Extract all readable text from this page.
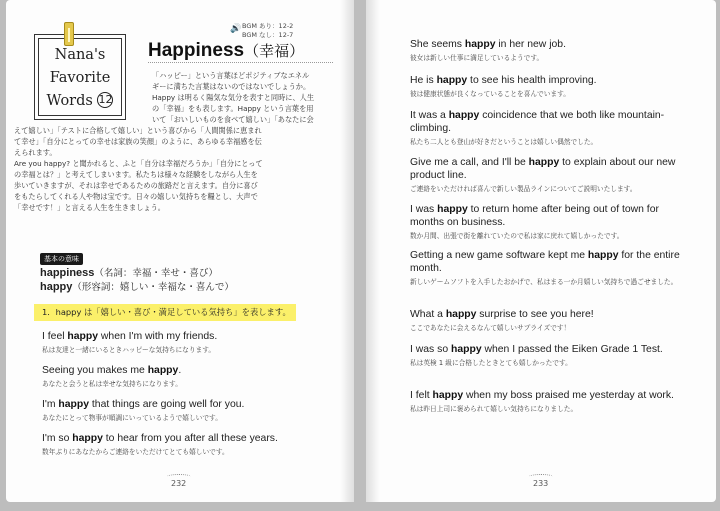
Nana's
Favorite
Words 12
Happiness（幸福）
🔊 BGM あり：12-2
BGM なし：12-7
「ハッピー」という言葉ほどポジティブなエネル
ギーに満ちた言葉はないのではないでしょうか。
Happy は明るく陽気な気分を表すと同時に、人生
の「幸福」をも表します。Happy という言葉を用
いて「おいしいものを食べて嬉しい」「あなたに会

えて嬉しい」「テストに合格して嬉しい」という喜びから「人間関係に恵まれ

て幸せ」「自分にとっての幸せは家族の笑顔」のように、あらゆる幸福感を伝

えられます。

Are you happy? と聞かれると、ふと「自分は幸福だろうか」「自分にとって

の幸福とは？」と考えてしまいます。私たちは様々な経験をしながら人生を

歩いていきますが、それは幸せであるための旅路だと言えます。自分に喜び

をもたらしてくれる人や物は宝です。日々の嬉しい気持ちを糧とし、大声で

「幸せです！」と言える人生を生きましょう。

基本の意味
happiness（名詞：幸福・幸せ・喜び）
happy（形容詞：嬉しい・幸福な・喜んで）
1．happy は「嬉しい・喜び・満足している気持ち」を表します。
I feel happy when I'm with my friends.
私は友達と一緒にいるときハッピーな気持ちになります。
Seeing you makes me happy.
あなたと会うと私は幸せな気持ちになります。
I'm happy that things are going well for you.
あなたにとって物事が順調にいっているようで嬉しいです。
I'm so happy to hear from you after all these years.
数年ぶりにあなたからご連絡をいただけてとても嬉しいです。
232
She seems happy in her new job.
彼女は新しい仕事に満足しているようです。
He is happy to see his health improving.
彼は健康状態が良くなっていることを喜んでいます。
It was a happy coincidence that we both like mountain-climbing.
私たち二人とも登山が好きだということは嬉しい偶然でした。
Give me a call, and I'll be happy to explain about our new product line.
ご連絡をいただければ喜んで新しい製品ラインについてご説明いたします。
I was happy to return home after being out of town for months on business.
数か月間、出張で街を離れていたので私は家に戻れて嬉しかったです。
Getting a new game software kept me happy for the entire month.
新しいゲームソフトを入手したおかげで、私はまる一か月嬉しい気持ちで過ごせました。
What a happy surprise to see you here!
ここであなたに会えるなんて嬉しいサプライズです！
I was so happy when I passed the Eiken Grade 1 Test.
私は英検 1 級に合格したときとても嬉しかったです。
I felt happy when my boss praised me yesterday at work.
私は昨日上司に褒められて嬉しい気持ちになりました。
233
